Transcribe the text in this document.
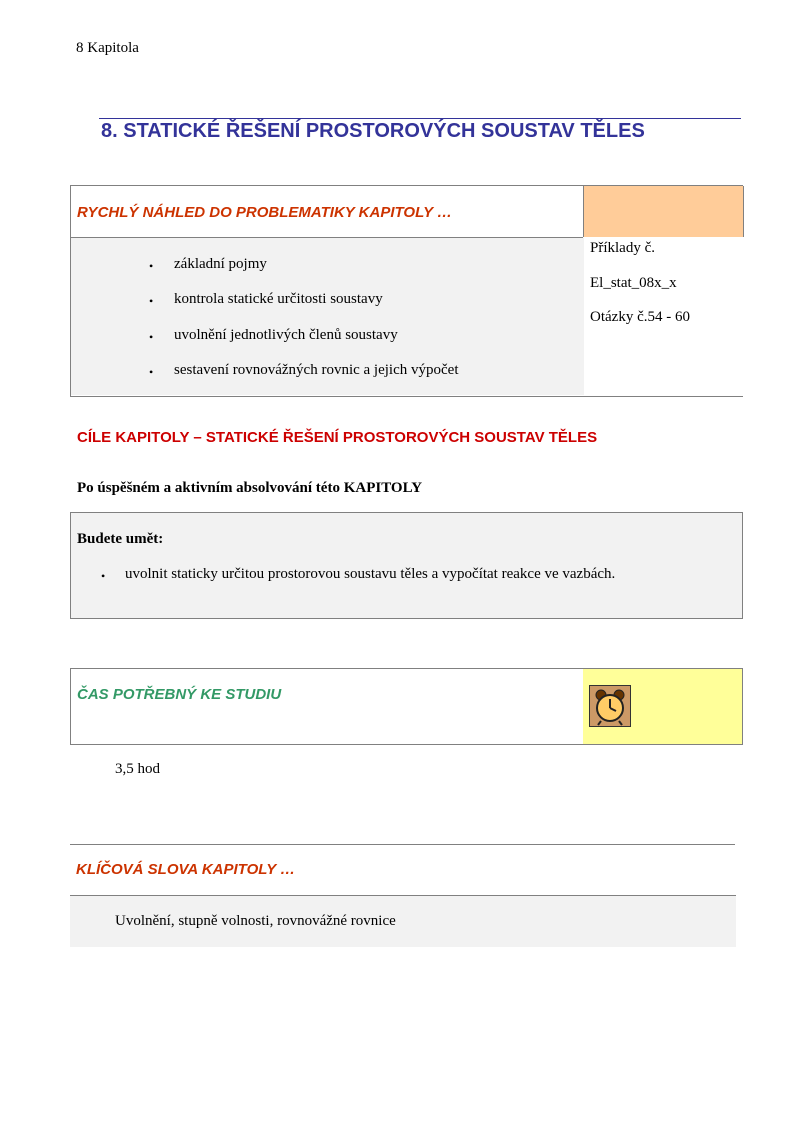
8 Kapitola
8. STATICKÉ ŘEŠENÍ PROSTOROVÝCH SOUSTAV TĚLES
RYCHLÝ NÁHLED DO PROBLEMATIKY KAPITOLY …
• základní pojmy
• kontrola statické určitosti soustavy
• uvolnění jednotlivých členů soustavy
• sestavení rovnovážných rovnic a jejich výpočet
Příklady č.
El_stat_08x_x
Otázky č.54 - 60
CÍLE KAPITOLY – STATICKÉ ŘEŠENÍ PROSTOROVÝCH SOUSTAV TĚLES
Po úspěšném a aktivním absolvování této KAPITOLY
Budete umět:
• uvolnit staticky určitou prostorovou soustavu těles a vypočítat reakce ve vazbách.
ČAS POTŘEBNÝ KE STUDIU
3,5 hod
KLÍČOVÁ SLOVA KAPITOLY …
Uvolnění, stupně volnosti, rovnovážné rovnice
